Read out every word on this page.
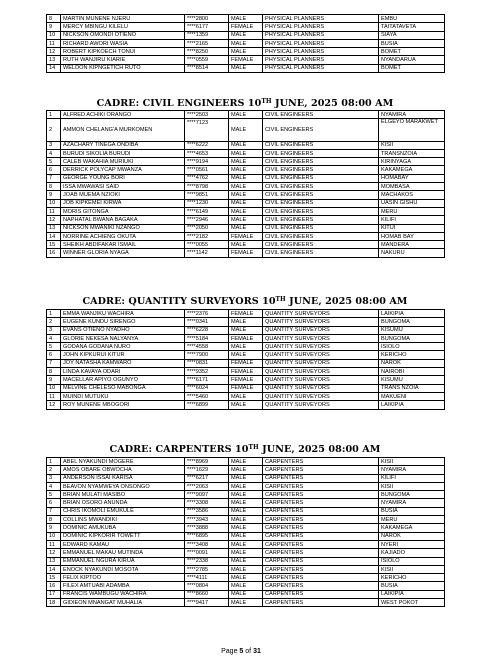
8	MARTIN MUNENE NJERU	****2800	MALE	PHYSICAL PLANNERS	EMBU
9	MERCY MBINGU KILELU	****6177	FEMALE	PHYSICAL PLANNERS	TAITATAVETA
10	NICKSON OMONDI OTIENO	****1359	MALE	PHYSICAL PLANNERS	SIAYA
11	RICHARD AWORI WASIA	****2165	MALE	PHYSICAL PLANNERS	BUSIA
12	ROBERT KIPKOECH TONUI	****8250	MALE	PHYSICAL PLANNERS	BOMET
13	RUTH WANJIRU KIARIE	****0559	FEMALE	PHYSICAL PLANNERS	NYANDARUA
14	WELDON KIPNGETICH RUTO	****8514	MALE	PHYSICAL PLANNERS	BOMET
CADRE: CIVIL ENGINEERS 10TH JUNE, 2025 08:00 AM
1	ALFRED ACHIKI ORANGO	****2503	MALE	CIVIL ENGINEERS	NYAMIRA
2	AMMON CHELANG'A MURKOMEN	****7123	MALE	CIVIL ENGINEERS	ELGEYO MARAKWET
3	AZACHARY TINEGA ONDIBA	****6222	MALE	CIVIL ENGINEERS	KISII
4	BURUDI SIKOLIA BURUDI	****4653	MALE	CIVIL ENGINEERS	TRANSNZOIA
5	CALEB WAKAHIA MURIUKI	****9194	MALE	CIVIL ENGINEERS	KIRINYAGA
6	DERRICK POLYCAP MWANZA	****0561	MALE	CIVIL ENGINEERS	KAKAMEGA
7	GEORGE YOUNG BORI	****4762	MALE	CIVIL ENGINEERS	HOMABAY
8	ISSA MWAWASI SAID	****8798	MALE	CIVIL ENGINEERS	MOMBASA
9	JOAB MUEMA NZIOKI	****9851	MALE	CIVIL ENGINEERS	MACHAKOS
10	JOB KIPKEMEI KIRWA	****1230	MALE	CIVIL ENGINEERS	UASIN GISHU
11	MORIS GITONGA	****6149	MALE	CIVIL ENGINEERS	MERU
12	NAPHATAL BWANA BAGAKA	****2946	MALE	CIVIL ENGINEERS	KILIFI
13	NICKSON MWANIKI NZANGO	****2050	MALE	CIVIL ENGINEERS	KITUI
14	NORRINE ACHIENG OKUTA	****2182	FEMALE	CIVIL ENGINEERS	HOMAB BAY
15	SHEIKH ABDIFAKAR ISMAIL	****0055	MALE	CIVIL ENGINEERS	MANDERA
16	WINNER GLORIA NYAGA	****1142	FEMALE	CIVIL ENGINEERS	NAKURU
CADRE: QUANTITY SURVEYORS 10TH JUNE, 2025 08:00 AM
1	EMMA WANJIKU WACHIRA	****2376	FEMALE	QUANTITY SURVEYORS	LAIKIPIA
2	EUGENE KUNDU SIRENGO	****0341	MALE	QUANTITY SURVEYORS	BUNGOMA
3	EVANS OTIENO NYADHO	****6228	MALE	QUANTITY SURVEYORS	KISUMU
4	GLORIE NEKESA NALYANYA	****5184	FEMALE	QUANTITY SURVEYORS	BUNGOMA
5	GODANA GODANA NURO	****4558	MALE	QUANTITY SURVEYORS	ISIOLO
6	JOHN KIPKURUI KITUR	****7900	MALE	QUANTITY SURVEYORS	KERICHO
7	JOY NATASHA KAMWARO	****0831	FEMALE	QUANTITY SURVEYORS	NAROK
8	LINDA KAVAYA ODARI	****9352	FEMALE	QUANTITY SURVEYORS	NAIROBI
9	MACELLAR APIYO OGUNYO	****6171	FEMALE	QUANTITY SURVEYORS	KISUMU
10	MELVINE CHELESO MABONGA	****6024	FEMALE	QUANTITY SURVEYORS	TRANS NZOIA
11	MUINDI MUTUKU	****5460	MALE	QUANTITY SURVEYORS	MAKUENI
12	ROY MUNENE MBOGORI	****6899	MALE	QUANTITY SURVEYORS	LAIKIPIA
CADRE: CARPENTERS 10TH JUNE, 2025 08:00 AM
1	ABEL NYAKUNDI MOGERE	****8969	MALE	CARPENTERS	KISII
2	AMOS OBARE OBWOCHA	****1629	MALE	CARPENTERS	NYAMIRA
3	ANDERSON ISSAI KARISA	****6217	MALE	CARPENTERS	KILIFI
4	BEAVON NYAMWEYA ONSONGO	****2063	MALE	CARPENTERS	KISII
5	BRIAN MULATI MASIBO	****9097	MALE	CARPENTERS	BUNGOMA
6	BRIAN OSORO ANUNDA	****3308	MALE	CARPENTERS	NYAMIRA
7	CHRIS IKOMOLI EMUKULE	****3586	MALE	CARPENTERS	BUSIA
8	COLLINS MWANDIKI	****3943	MALE	CARPENTERS	MERU
9	DOMINIC AMUKUBA	****3888	MALE	CARPENTERS	KAKAMEGA
10	DOMINIC KIPKORIR TOWETT	****6895	MALE	CARPENTERS	NAROK
11	EDWARD KAMAU	****3408	MALE	CARPENTERS	NYERI
12	EMMANUEL MAKAU MUTINDA	****0091	MALE	CARPENTERS	KAJIADO
13	EMMANUEL NGURA KIRUA	****2338	MALE	CARPENTERS	ISIOLO
14	ENOCK NYAKUNDI MOSOTA	****2785	MALE	CARPENTERS	KISII
15	FELIX KIPTOO	****4111	MALE	CARPENTERS	KERICHO
16	FILEX AMTUABI ADAMBA	****0804	MALE	CARPENTERS	BUSIA
17	FRANCIS WAMBUGU WACHIRA	****8660	MALE	CARPENTERS	LAIKIPIA
18	GIDIEON MNANGAT MUHALIA	****9417	MALE	CARPENTERS	WEST POKOT
Page 5 of 31
